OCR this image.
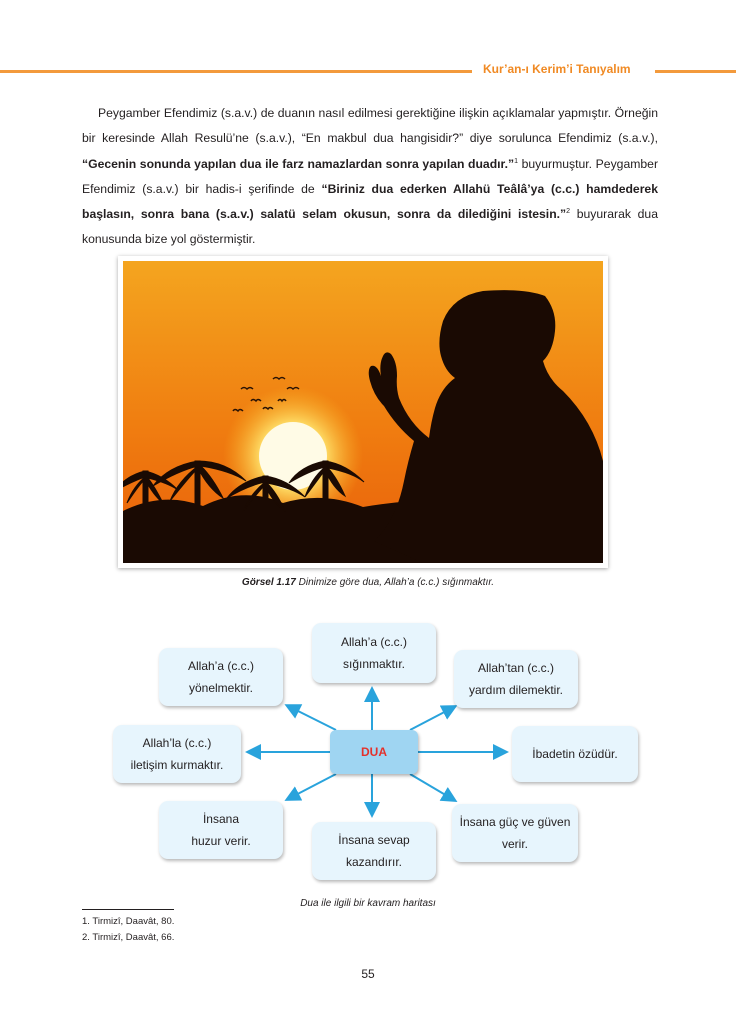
Kur’an-ı Kerim’i Tanıyalım
Peygamber Efendimiz (s.a.v.) de duanın nasıl edilmesi gerektiğine ilişkin açıklamalar yapmıştır. Örneğin bir keresinde Allah Resulü’ne (s.a.v.), “En makbul dua hangisidir?” diye sorulunca Efendimiz (s.a.v.), “Gecenin sonunda yapılan dua ile farz namazlardan sonra yapılan duadır.”$^1$ buyurmuştur. Peygamber Efendimiz (s.a.v.) bir hadis-i şerifinde de “Biriniz dua ederken Allahü Teâlâ’ya (c.c.) hamdederek başlasın, sonra bana (s.a.v.) salatü selam okusun, sonra da dilediğini istesin.”$^2$ buyurarak dua konusunda bize yol göstermiştir.
Görsel 1.17 Dinimize göre dua, Allah’a (c.c.) sığınmaktır.
DUA
Allah’a (c.c.)
sığınmaktır.	Allah’tan (c.c.)
yardım dilemektir.
İbadetin özüdür.
İnsana güç ve güven
verir.
İnsana sevap
kazandırır.
İnsana
huzur verir.
Allah’la (c.c.)
iletişim kurmaktır.
Allah’a (c.c.)
yönelmektir.
Dua ile ilgili bir kavram haritası
1. Tirmizî, Daavât, 80.
2. Tirmizî, Daavât, 66.
55
